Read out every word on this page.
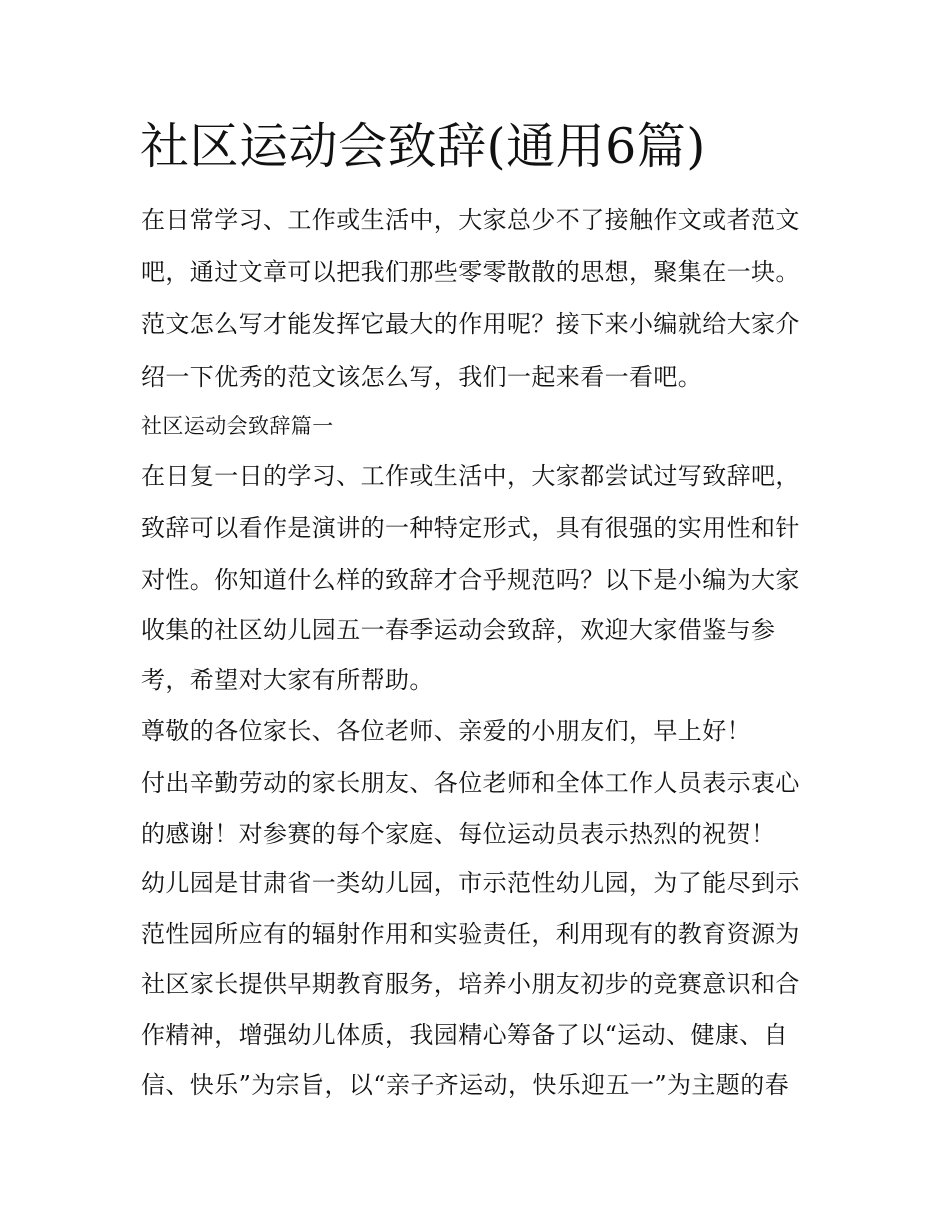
社区运动会致辞(通用6篇)

在日常学习、工作或生活中，大家总少不了接触作文或者范文

吧，通过文章可以把我们那些零零散散的思想，聚集在一块。

范文怎么写才能发挥它最大的作用呢？接下来小编就给大家介

绍一下优秀的范文该怎么写，我们一起来看一看吧。

社区运动会致辞篇一

在日复一日的学习、工作或生活中，大家都尝试过写致辞吧，

致辞可以看作是演讲的一种特定形式，具有很强的实用性和针

对性。你知道什么样的致辞才合乎规范吗？以下是小编为大家

收集的社区幼儿园五一春季运动会致辞，欢迎大家借鉴与参

考，希望对大家有所帮助。

尊敬的各位家长、各位老师、亲爱的小朋友们，早上好！

付出辛勤劳动的家长朋友、各位老师和全体工作人员表示衷心

的感谢！对参赛的每个家庭、每位运动员表示热烈的祝贺！

幼儿园是甘肃省一类幼儿园，市示范性幼儿园，为了能尽到示

范性园所应有的辐射作用和实验责任，利用现有的教育资源为

社区家长提供早期教育服务，培养小朋友初步的竞赛意识和合

作精神，增强幼儿体质，我园精心筹备了以“运动、健康、自

信、快乐”为宗旨，以“亲子齐运动，快乐迎五一”为主题的春
